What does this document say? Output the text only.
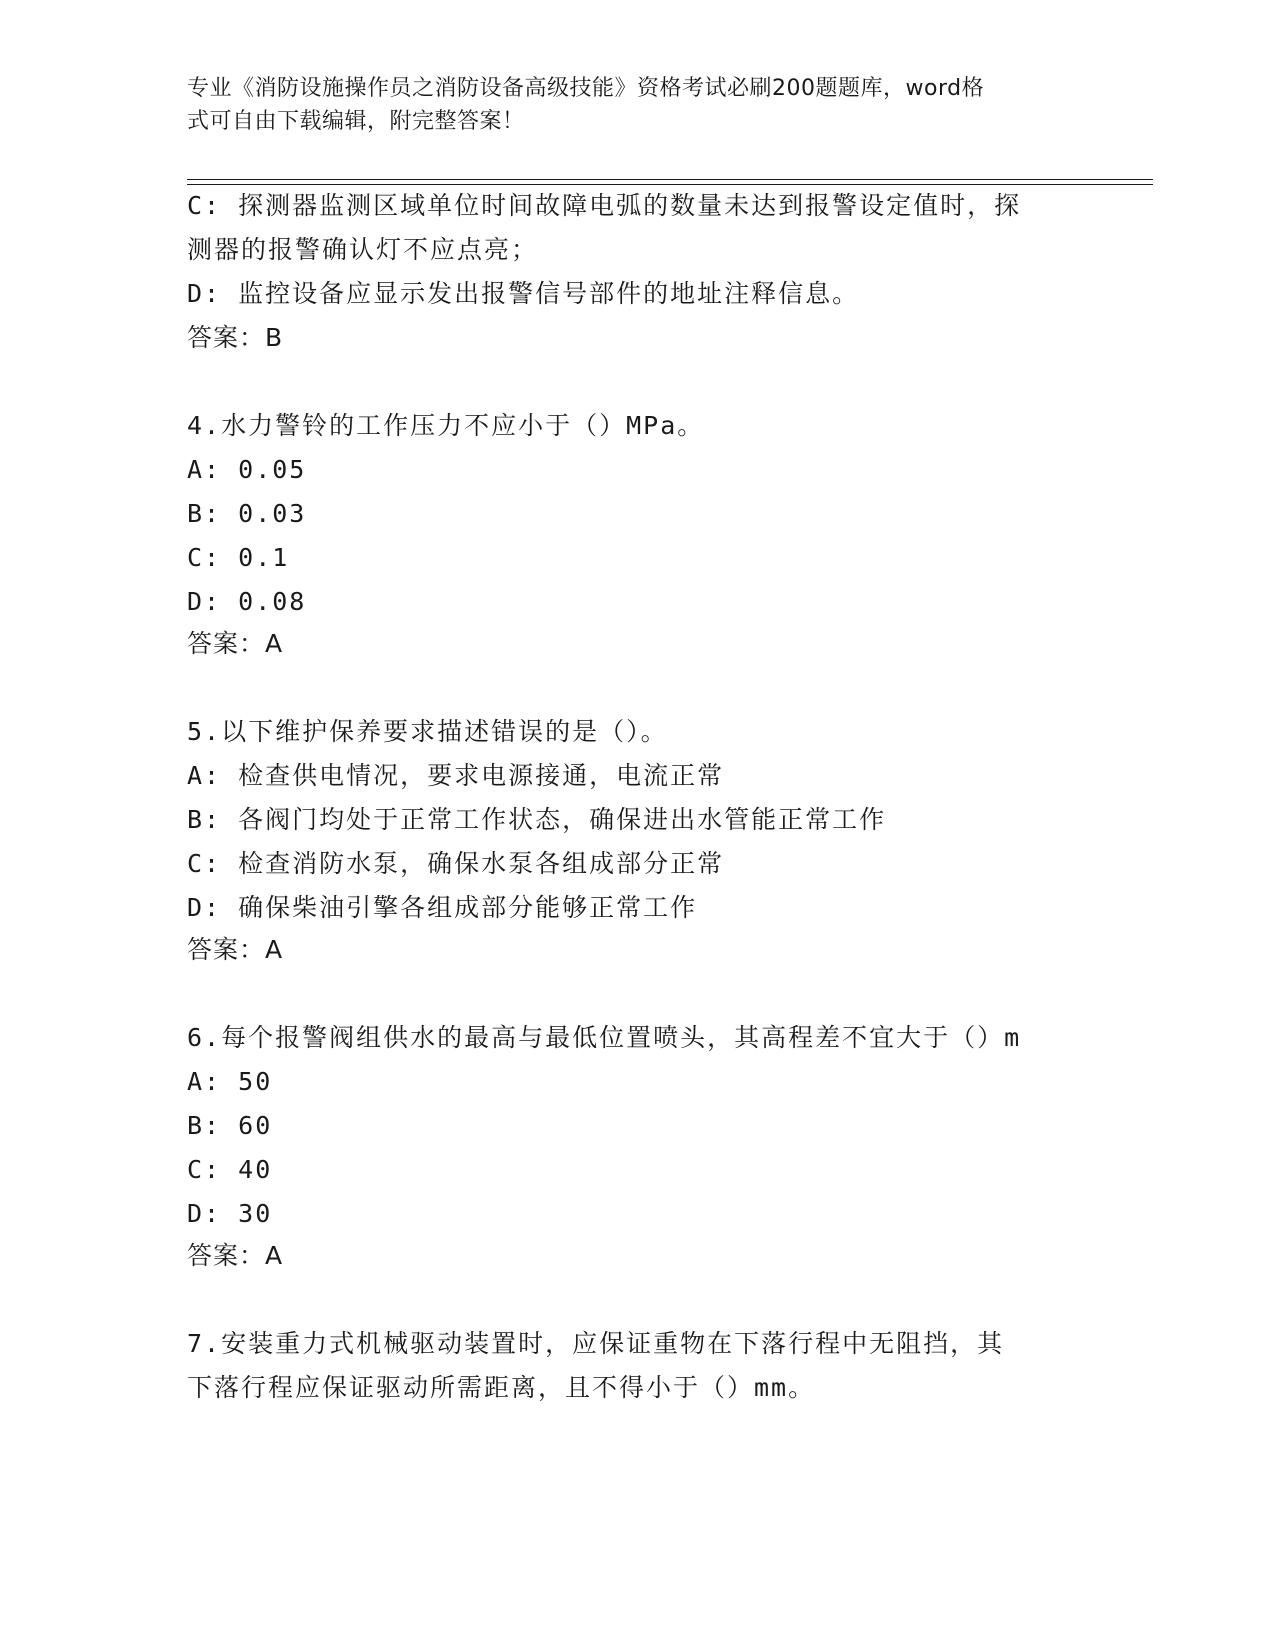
专业《消防设施操作员之消防设备高级技能》资格考试必刷200题题库，word格
式可自由下载编辑，附完整答案！
C: 探测器监测区域单位时间故障电弧的数量未达到报警设定值时，探
测器的报警确认灯不应点亮；
D: 监控设备应显示发出报警信号部件的地址注释信息。
答案：B
4.水力警铃的工作压力不应小于（）MPa。
A: 0.05
B: 0.03
C: 0.1
D: 0.08
答案：A
5.以下维护保养要求描述错误的是（）。
A: 检查供电情况，要求电源接通，电流正常
B: 各阀门均处于正常工作状态，确保进出水管能正常工作
C: 检查消防水泵，确保水泵各组成部分正常
D: 确保柴油引擎各组成部分能够正常工作
答案：A
6.每个报警阀组供水的最高与最低位置喷头，其高程差不宜大于（）m
A: 50
B: 60
C: 40
D: 30
答案：A
7.安装重力式机械驱动装置时，应保证重物在下落行程中无阻挡，其
下落行程应保证驱动所需距离，且不得小于（）mm。
